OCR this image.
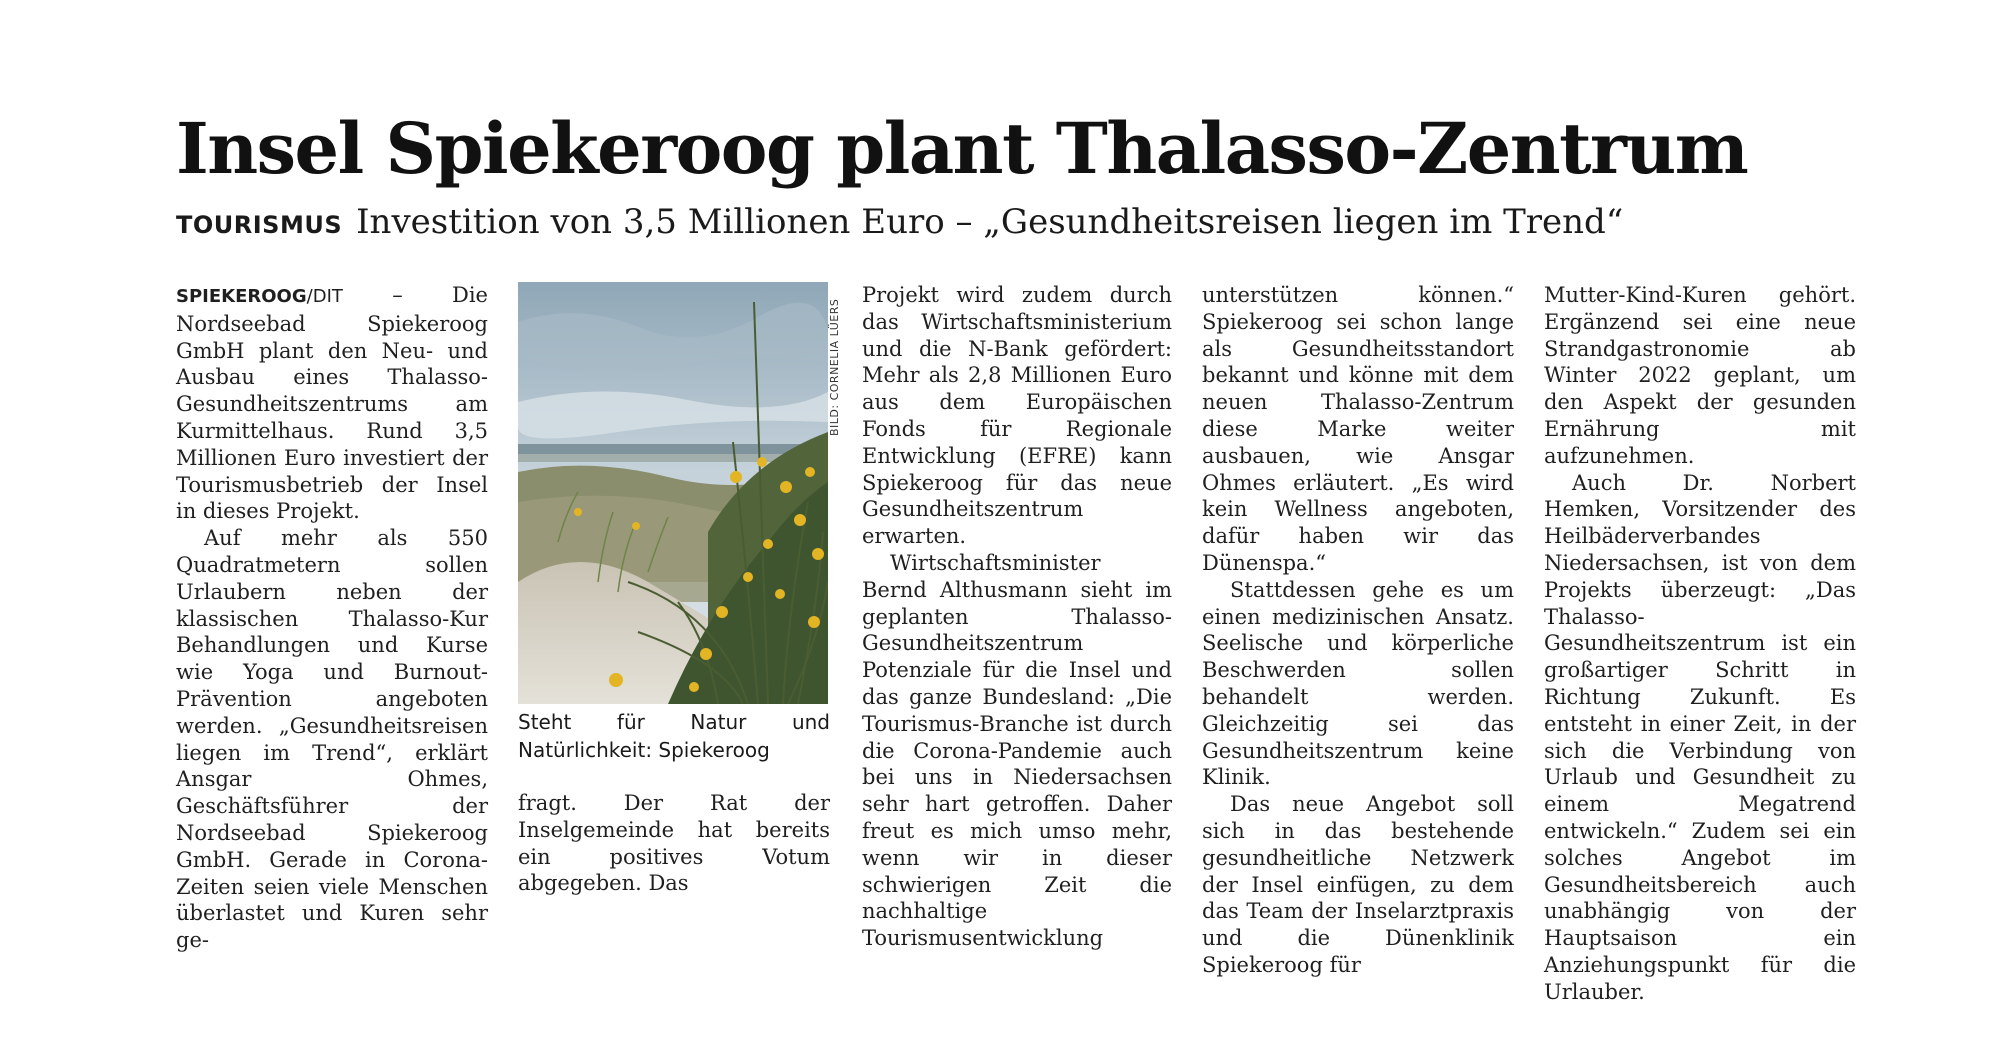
Insel Spiekeroog plant Thalasso-Zentrum
TOURISMUS Investition von 3,5 Millionen Euro – „Gesundheitsreisen liegen im Trend“

SPIEKEROOG/DIT – Die Nordseebad Spiekeroog GmbH plant den Neu- und Ausbau eines Thalasso-Gesundheitszentrums am Kurmittelhaus. Rund 3,5 Millionen Euro investiert der Tourismusbetrieb der Insel in dieses Projekt.

Auf mehr als 550 Quadratmetern sollen Urlaubern neben der klassischen Thalasso-Kur Behandlungen und Kurse wie Yoga und Burnout-Prävention angeboten werden. „Gesundheitsreisen liegen im Trend“, erklärt Ansgar Ohmes, Geschäftsführer der Nordseebad Spiekeroog GmbH. Gerade in Corona-Zeiten seien viele Menschen überlastet und Kuren sehr ge-

BILD: CORNELIA LÜERS
Steht für Natur und Natürlichkeit: Spiekeroog

fragt. Der Rat der Inselgemeinde hat bereits ein positives Votum abgegeben. Das

Projekt wird zudem durch das Wirtschaftsministerium und die N-Bank gefördert: Mehr als 2,8 Millionen Euro aus dem Europäischen Fonds für Regionale Entwicklung (EFRE) kann Spiekeroog für das neue Gesundheitszentrum erwarten.

Wirtschaftsminister Bernd Althusmann sieht im geplanten Thalasso-Gesundheitszentrum Potenziale für die Insel und das ganze Bundesland: „Die Tourismus-Branche ist durch die Corona-Pandemie auch bei uns in Niedersachsen sehr hart getroffen. Daher freut es mich umso mehr, wenn wir in dieser schwierigen Zeit die nachhaltige Tourismusentwicklung

unterstützen können.“ Spiekeroog sei schon lange als Gesundheitsstandort bekannt und könne mit dem neuen Thalasso-Zentrum diese Marke weiter ausbauen, wie Ansgar Ohmes erläutert. „Es wird kein Wellness angeboten, dafür haben wir das Dünenspa.“

Stattdessen gehe es um einen medizinischen Ansatz. Seelische und körperliche Beschwerden sollen behandelt werden. Gleichzeitig sei das Gesundheitszentrum keine Klinik.

Das neue Angebot soll sich in das bestehende gesundheitliche Netzwerk der Insel einfügen, zu dem das Team der Inselarztpraxis und die Dünenklinik Spiekeroog für

Mutter-Kind-Kuren gehört. Ergänzend sei eine neue Strandgastronomie ab Winter 2022 geplant, um den Aspekt der gesunden Ernährung mit aufzunehmen.

Auch Dr. Norbert Hemken, Vorsitzender des Heilbäderverbandes Niedersachsen, ist von dem Projekts überzeugt: „Das Thalasso-Gesundheitszentrum ist ein großartiger Schritt in Richtung Zukunft. Es entsteht in einer Zeit, in der sich die Verbindung von Urlaub und Gesundheit zu einem Megatrend entwickeln.“ Zudem sei ein solches Angebot im Gesundheitsbereich auch unabhängig von der Hauptsaison ein Anziehungspunkt für die Urlauber.
